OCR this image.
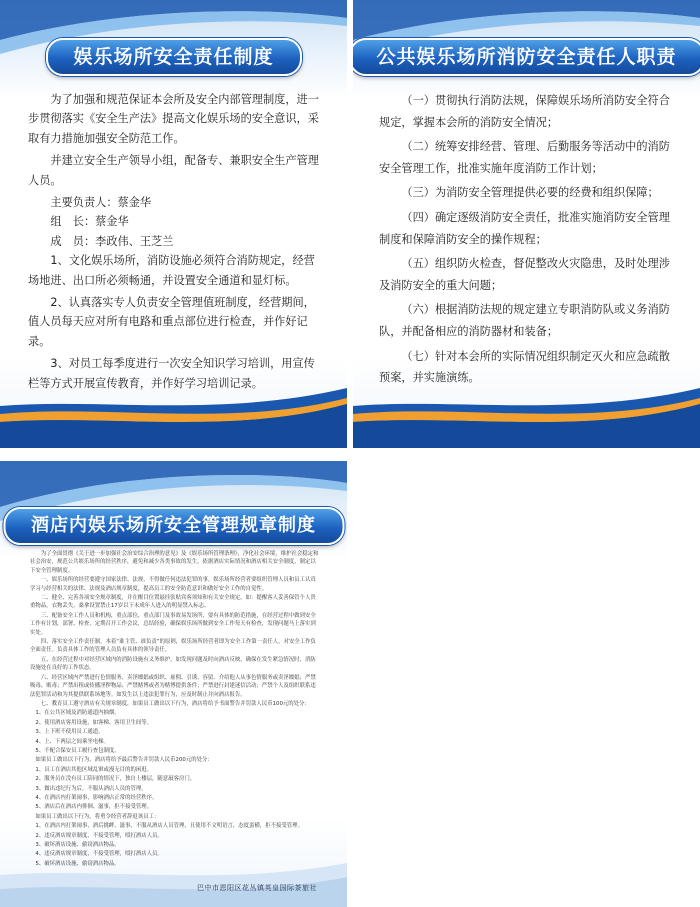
娱乐场所安全责任制度

为了加强和规范保证本会所及安全内部管理制度，进一步贯彻落实《安全生产法》提高文化娱乐场的安全意识，采取有力措施加强安全防范工作。

并建立安全生产领导小组，配备专、兼职安全生产管理人员。

主要负责人：蔡金华

组　长：蔡金华

成　员：李政伟、王芝兰

1、文化娱乐场所，消防设施必须符合消防规定，经营场地进、出口所必须畅通，并设置安全通道和显灯标。

2、认真落实专人负责安全管理值班制度，经营期间，值人员每天应对所有电路和重点部位进行检查，并作好记录。

3、对员工每季度进行一次安全知识学习培训，用宣传栏等方式开展宣传教育，并作好学习培训记录。

公共娱乐场所消防安全责任人职责

（一）贯彻执行消防法规，保障娱乐场所消防安全符合规定，掌握本会所的消防安全情况；

（二）统筹安排经营、管理、后勤服务等活动中的消防安全管理工作，批准实施年度消防工作计划；

（三）为消防安全管理提供必要的经费和组织保障；

（四）确定逐级消防安全责任，批准实施消防安全管理制度和保障消防安全的操作规程；

（五）组织防火检查，督促整改火灾隐患，及时处理涉及消防安全的重大问题；

（六）根据消防法规的规定建立专职消防队或义务消防队，并配备相应的消防器材和装备；

（七）针对本会所的实际情况组织制定灭火和应急疏散预案，并实施演练。

酒店内娱乐场所安全管理规章制度

为了全面贯彻《关于进一步加强社会治安综合治理的意见》及《娱乐场所管理条理》，净化社会环境，维护社会稳定和社会治安，规范公共娱乐场所的经营秩序，避免和减少各类事故的发生，依据酒店实际情况和酒店相关安全制度，制定以下安全管理制度。

一、娱乐场所的经营要遵守国家法律、法规，不得做任何违法犯罪的事。娱乐场所经营者要组织管理人员和员工认真学习与经营相关的法律、法规及酒店规章制度，提高员工的安全防范意识和做好安全工作的自觉性。

二、健全、完善各项安全规章制度，并在醒目位置悬挂张贴宾客须知和有关安全规定。如：提醒客人妥善保管个人贵重物品，衣物丢失、桑拿设置禁止17岁以下未成年人进入的明显禁入标志。

三、配备安全工作人员和机构，重点部位，重点部门及事故易发场所，要有具体的防范措施，在经营过程中做到安全工作有计划，部署、检查，定期召开工作会议，总结经验，确保娱乐场所做到安全工作每天有检查，发现问题马上落实到实处。

四、落实安全工作责任制。本着“谁主管、谁负责”的原则，娱乐场所经营者即为安全工作第一责任人，对安全工作负全面责任。负责具体工作的管理人员负有具体的领导责任。

五、在经营过程中对经营区域内的消防设施有义务维护，如发现问题及时向酒店反映，确保在发生紧急情况时，消防设施处在良好的工作状态。

六、经营区域内严禁进行色情服务、卖淫嫖娼或组织、雇佣、引诱、容留、介绍他人从事色情服务或卖淫嫖娼；严禁吸毒、贩毒；严禁出租或传播淫秽物品；严禁赌博或者为赌博提供条件；严禁进行封建迷信活动；严禁个人及组织联系违法犯罪活动和为其提供联系场地等。如发生以上违法犯罪行为，应及时制止并向酒店报告。

七、教育员工遵守酒店有关规章制度，如果员工做出以下行为，酒店将给予书面警告并罚款人民币100元的处分：

1、在公共区域及消防通道内抽烟。

2、使用酒店客用设施，如客梯、客用卫生间等。

3、上下班不使用员工通道。

4、上、下两层之间乘坐电梯。

5、不配合保安员工履行查包制度。

如果员工做出以下行为，酒店将给予最后警告并罚款人民币200元的处分：

1、员工在酒店其他区域乱窜或漫无目的的闲逛。

2、服务员在没有员工陪同的情况下，独自上楼层，随意敲客房门。

3、做出违纪行为后，不服从酒店人员的管理。

4、在酒店内打架闹事，影响酒店正常的经营秩序。

5、酒店后在酒店内徘徊、滋事，拒不接受管理。

如果员工做出以下行为，将勇令经营者辞退该员工：

1、在酒店内打架闹事，酒后挑衅、滋事，不服从酒店人员管理，且使用不文明语言，态度蛮横，拒不接受管理。

2、违反酒店规章制度，不接受管理，殴打酒店人员。

3、破坏酒店设施、偷窃酒店物品。

4、违反酒店规章制度，不接受管理，殴打酒店人员。

5、破坏酒店设施、偷窃酒店物品。

巴中市恩阳区花丛镇英皇国际茶旅社
